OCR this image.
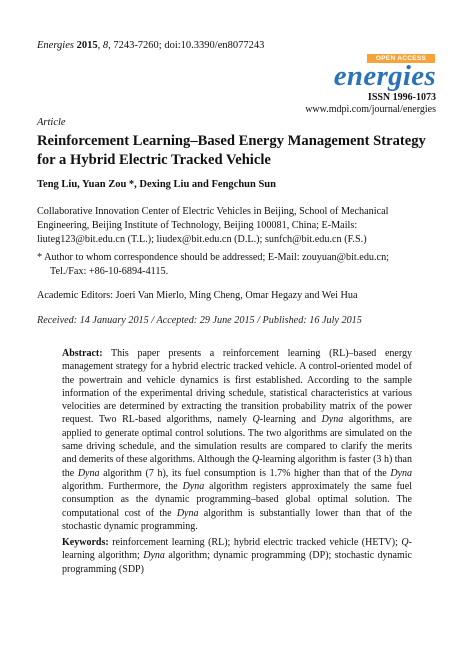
Energies 2015, 8, 7243-7260; doi:10.3390/en8077243
OPEN ACCESS
energies
ISSN 1996-1073
www.mdpi.com/journal/energies
Article
Reinforcement Learning–Based Energy Management Strategy for a Hybrid Electric Tracked Vehicle
Teng Liu, Yuan Zou *, Dexing Liu and Fengchun Sun
Collaborative Innovation Center of Electric Vehicles in Beijing, School of Mechanical Engineering, Beijing Institute of Technology, Beijing 100081, China; E-Mails: liuteg123@bit.edu.cn (T.L.); liudex@bit.edu.cn (D.L.); sunfch@bit.edu.cn (F.S.)
* Author to whom correspondence should be addressed; E-Mail: zouyuan@bit.edu.cn;
Tel./Fax: +86-10-6894-4115.
Academic Editors: Joeri Van Mierlo, Ming Cheng, Omar Hegazy and Wei Hua
Received: 14 January 2015 / Accepted: 29 June 2015 / Published: 16 July 2015
Abstract: This paper presents a reinforcement learning (RL)–based energy management strategy for a hybrid electric tracked vehicle. A control-oriented model of the powertrain and vehicle dynamics is first established. According to the sample information of the experimental driving schedule, statistical characteristics at various velocities are determined by extracting the transition probability matrix of the power request. Two RL-based algorithms, namely Q-learning and Dyna algorithms, are applied to generate optimal control solutions. The two algorithms are simulated on the same driving schedule, and the simulation results are compared to clarify the merits and demerits of these algorithms. Although the Q-learning algorithm is faster (3 h) than the Dyna algorithm (7 h), its fuel consumption is 1.7% higher than that of the Dyna algorithm. Furthermore, the Dyna algorithm registers approximately the same fuel consumption as the dynamic programming–based global optimal solution. The computational cost of the Dyna algorithm is substantially lower than that of the stochastic dynamic programming.
Keywords: reinforcement learning (RL); hybrid electric tracked vehicle (HETV); Q-learning algorithm; Dyna algorithm; dynamic programming (DP); stochastic dynamic programming (SDP)
